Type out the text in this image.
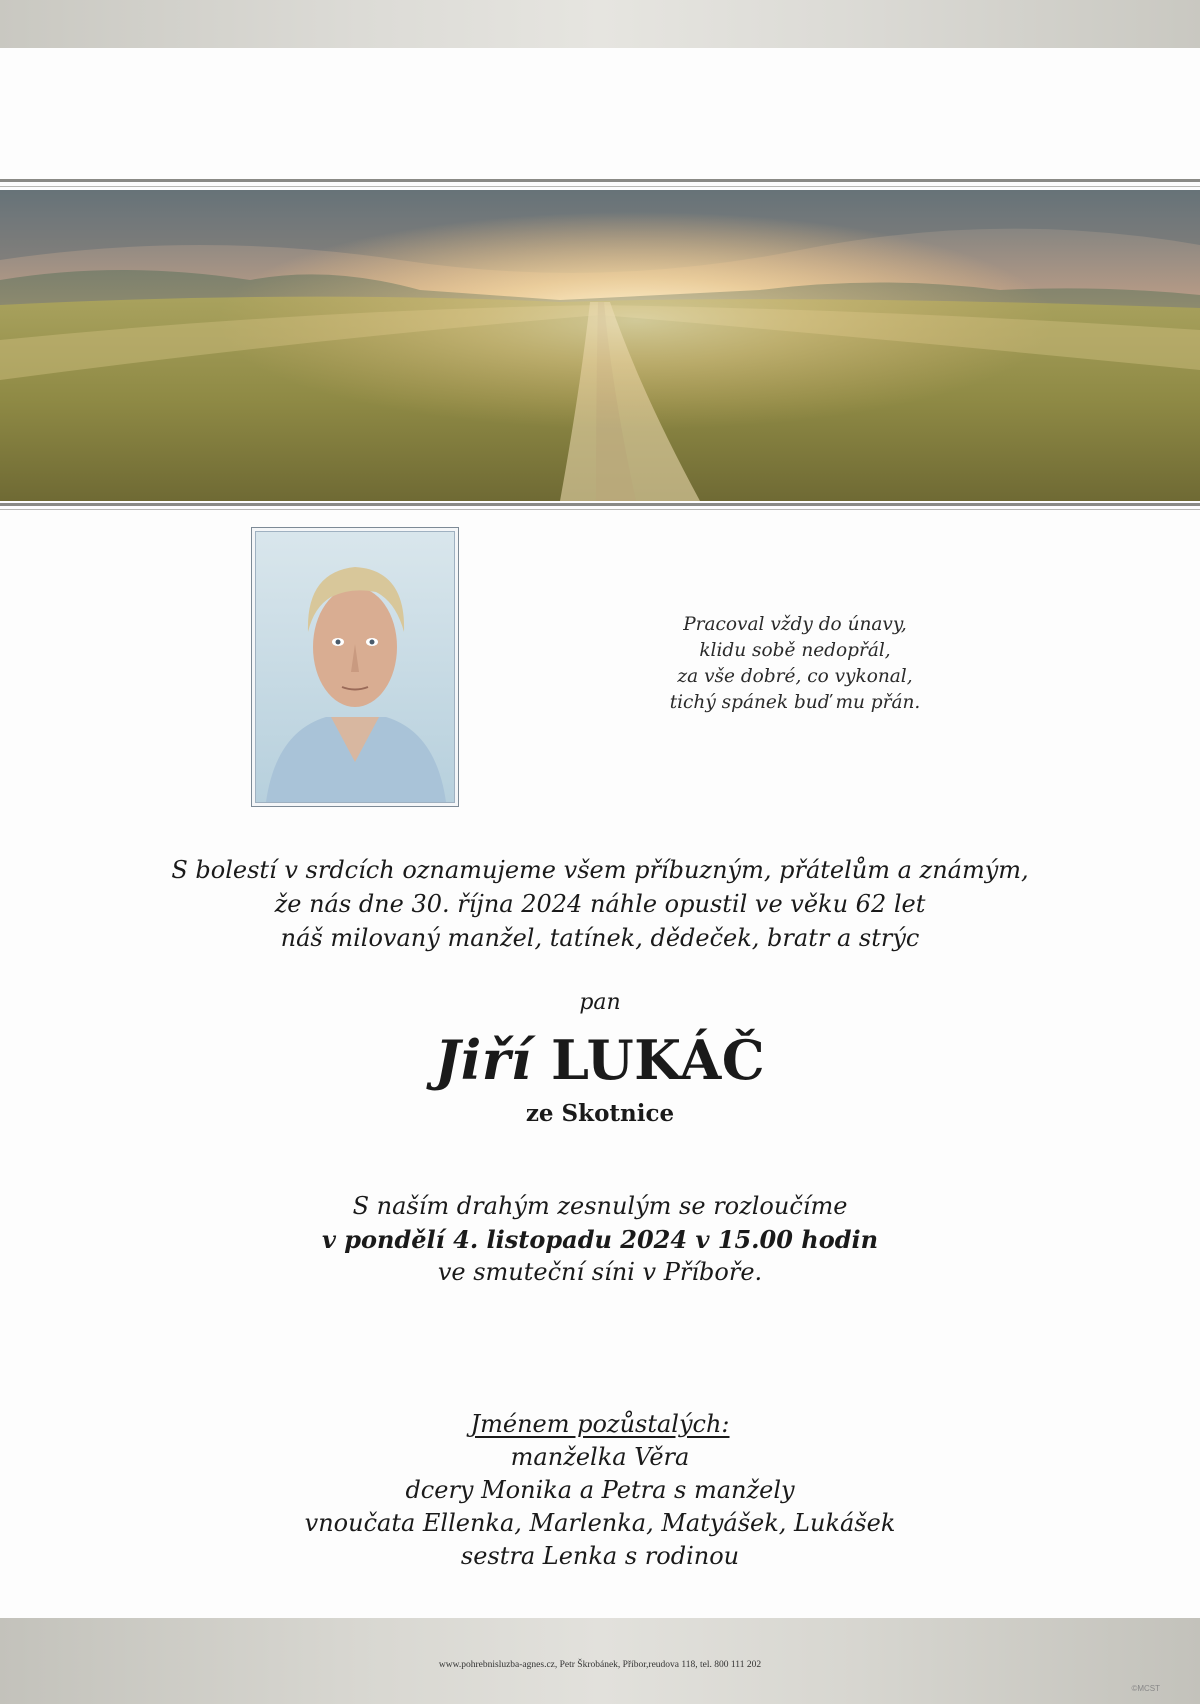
Pracoval vždy do únavy,
klidu sobě nedopřál,
za vše dobré, co vykonal,
tichý spánek buď mu přán.
S bolestí v srdcích oznamujeme všem příbuzným, přátelům a známým,
že nás dne 30. října 2024 náhle opustil ve věku 62 let
náš milovaný manžel, tatínek, dědeček, bratr a strýc
pan
Jiří LUKÁČ
ze Skotnice
S naším drahým zesnulým se rozloučíme
v pondělí 4. listopadu 2024 v 15.00 hodin
ve smuteční síni v Příboře.
Jménem pozůstalých:
manželka Věra
dcery Monika a Petra s manžely
vnoučata Ellenka, Marlenka, Matyášek, Lukášek
sestra Lenka s rodinou
www.pohrebnisluzba-agnes.cz, Petr Škrobánek, Příbor,reudova 118, tel. 800 111 202
©MCST
